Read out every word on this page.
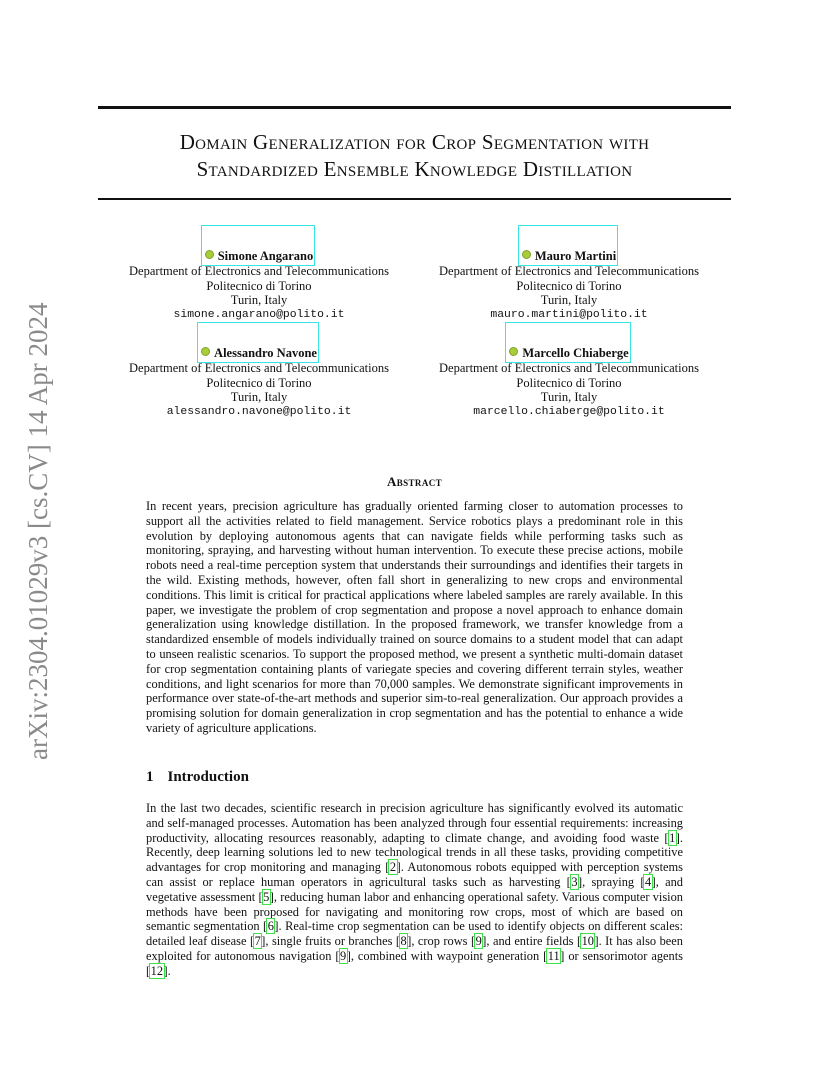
arXiv:2304.01029v3 [cs.CV] 14 Apr 2024
Domain Generalization for Crop Segmentation with
Standardized Ensemble Knowledge Distillation
Simone Angarano
Department of Electronics and Telecommunications
Politecnico di Torino
Turin, Italy
simone.angarano@polito.it
Mauro Martini
Department of Electronics and Telecommunications
Politecnico di Torino
Turin, Italy
mauro.martini@polito.it
Alessandro Navone
Department of Electronics and Telecommunications
Politecnico di Torino
Turin, Italy
alessandro.navone@polito.it
Marcello Chiaberge
Department of Electronics and Telecommunications
Politecnico di Torino
Turin, Italy
marcello.chiaberge@polito.it
Abstract
In recent years, precision agriculture has gradually oriented farming closer to automation processes to support all the activities related to field management. Service robotics plays a predominant role in this evolution by deploying autonomous agents that can navigate fields while performing tasks such as monitoring, spraying, and harvesting without human intervention. To execute these precise actions, mobile robots need a real-time perception system that understands their surroundings and identifies their targets in the wild. Existing methods, however, often fall short in generalizing to new crops and environmental conditions. This limit is critical for practical applications where labeled samples are rarely available. In this paper, we investigate the problem of crop segmentation and propose a novel approach to enhance domain generalization using knowledge distillation. In the proposed framework, we transfer knowledge from a standardized ensemble of models individually trained on source domains to a student model that can adapt to unseen realistic scenarios. To support the proposed method, we present a synthetic multi-domain dataset for crop segmentation containing plants of variegate species and covering different terrain styles, weather conditions, and light scenarios for more than 70,000 samples. We demonstrate significant improvements in performance over state-of-the-art methods and superior sim-to-real generalization. Our approach provides a promising solution for domain generalization in crop segmentation and has the potential to enhance a wide variety of agriculture applications.
1 Introduction
In the last two decades, scientific research in precision agriculture has significantly evolved its automatic and self-managed processes. Automation has been analyzed through four essential requirements: increasing productivity, allocating resources reasonably, adapting to climate change, and avoiding food waste [1]. Recently, deep learning solutions led to new technological trends in all these tasks, providing competitive advantages for crop monitoring and managing [2]. Autonomous robots equipped with perception systems can assist or replace human operators in agricultural tasks such as harvesting [3], spraying [4], and vegetative assessment [5], reducing human labor and enhancing operational safety. Various computer vision methods have been proposed for navigating and monitoring row crops, most of which are based on semantic segmentation [6]. Real-time crop segmentation can be used to identify objects on different scales: detailed leaf disease [7], single fruits or branches [8], crop rows [9], and entire fields [10]. It has also been exploited for autonomous navigation [9], combined with waypoint generation [11] or sensorimotor agents [12].
